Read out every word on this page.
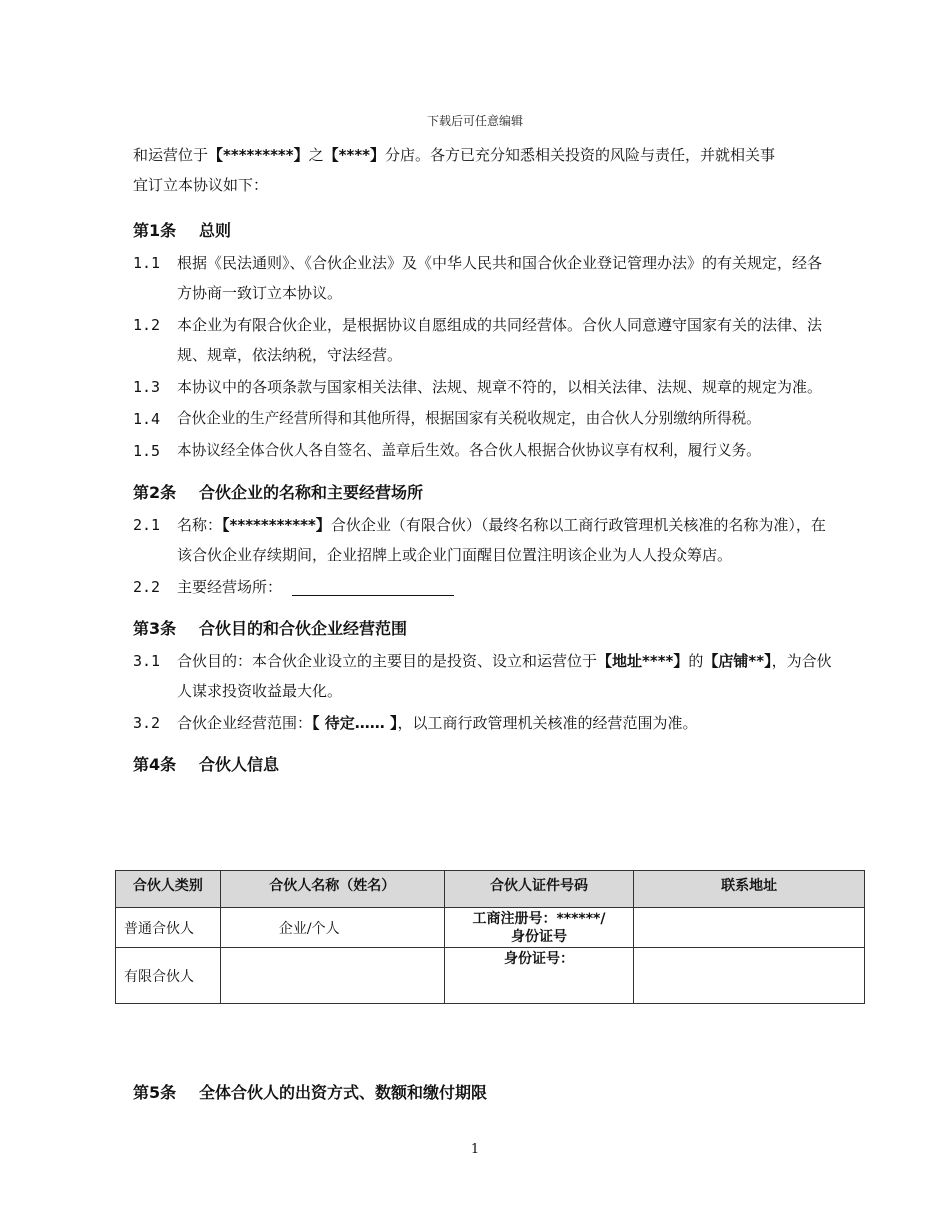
下载后可任意编辑
和运营位于【*********】之【****】分店。各方已充分知悉相关投资的风险与责任，并就相关事
宜订立本协议如下：
第1条 总则
1.1	根据《民法通则》、《合伙企业法》及《中华人民共和国合伙企业登记管理办法》的有关规定，经各方协商一致订立本协议。
1.2	本企业为有限合伙企业，是根据协议自愿组成的共同经营体。合伙人同意遵守国家有关的法律、法规、规章，依法纳税，守法经营。
1.3	本协议中的各项条款与国家相关法律、法规、规章不符的，以相关法律、法规、规章的规定为准。
1.4	合伙企业的生产经营所得和其他所得，根据国家有关税收规定，由合伙人分别缴纳所得税。
1.5	本协议经全体合伙人各自签名、盖章后生效。各合伙人根据合伙协议享有权利，履行义务。
第2条 合伙企业的名称和主要经营场所
2.1	名称：【***********】合伙企业（有限合伙）（最终名称以工商行政管理机关核准的名称为准），在该合伙企业存续期间，企业招牌上或企业门面醒目位置注明该企业为人人投众筹店。
2.2	主要经营场所：
第3条 合伙目的和合伙企业经营范围
3.1	合伙目的：本合伙企业设立的主要目的是投资、设立和运营位于【地址****】的【店铺**】，为合伙人谋求投资收益最大化。
3.2	合伙企业经营范围：【 待定…… 】，以工商行政管理机关核准的经营范围为准。
第4条 合伙人信息
合伙人类别	合伙人名称（姓名）	合伙人证件号码	联系地址
普通合伙人	企业/个人	工商注册号：******/
身份证号	

有限合伙人		身份证号：	

第5条 全体合伙人的出资方式、数额和缴付期限
1
